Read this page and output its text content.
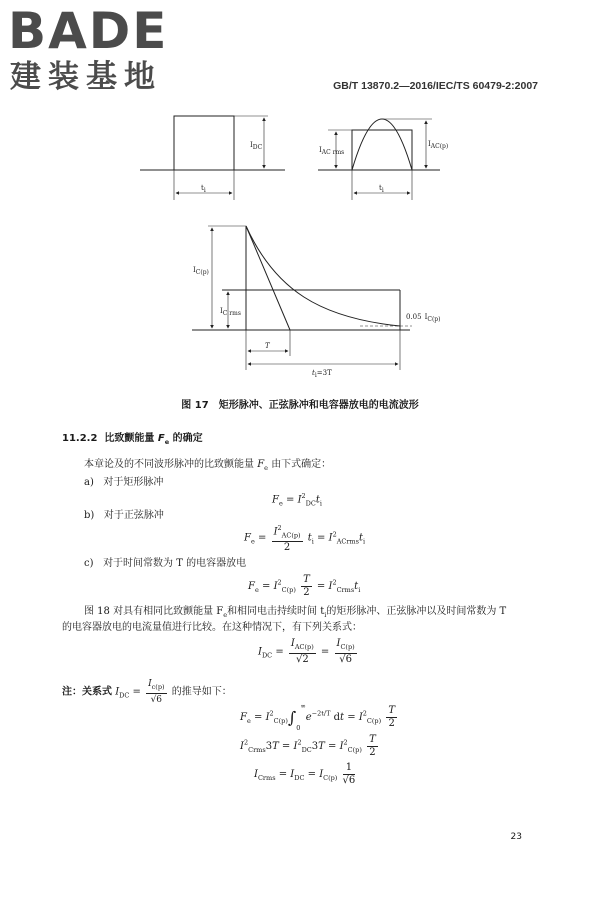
BADE
建装基地	GB/T 13870.2—2016/IEC/TS 60479-2:2007
IDC
ti
IAC rms
IAC(p)
ti
IC(p)
IC rms	0.05 IC(p)
T
ti=3T
图 17　矩形脉冲、正弦脉冲和电容器放电的电流波形
11.2.2 比致颤能量 $F_e$ 的确定
本章论及的不同波形脉冲的比致颤能量 $F_e$ 由下式确定：
a) 对于矩形脉冲
$F_e = I^2_{DC}t_i$
b) 对于正弦脉冲
$F_e = \frac{I^2_{AC(p)}}{2} t_i = I^2_{ACrms}t_i$
c) 对于时间常数为 T 的电容器放电
$F_e = I^2_{C(p)} \frac{T}{2} = I^2_{Crms}t_i$
图 18 对具有相同比致颤能量 $F_e$和相同电击持续时间 $t_i$的矩形脉冲、正弦脉冲以及时间常数为 T
的电容器放电的电流量值进行比较。在这种情况下，有下列关系式：
$I_{DC} = \frac{I_{AC(p)}}{√2} = \frac{I_{C(p)}}{√6}$
注：关系式 $I_{DC} = \frac{I_{c(p)}}{√6}$ 的推导如下：
$F_e = I^2_{C(p)}\int_0^\infty e^{-2t/T}$ dt = $I^2_{C(p)} \frac{T}{2}$
$I^2_{Crms}3T = I^2_{DC}3T = I^2_{C(p)} \frac{T}{2}$
$I_{Crms} = I_{DC} = I_{C(p)} \frac{1}{√6}$
23
